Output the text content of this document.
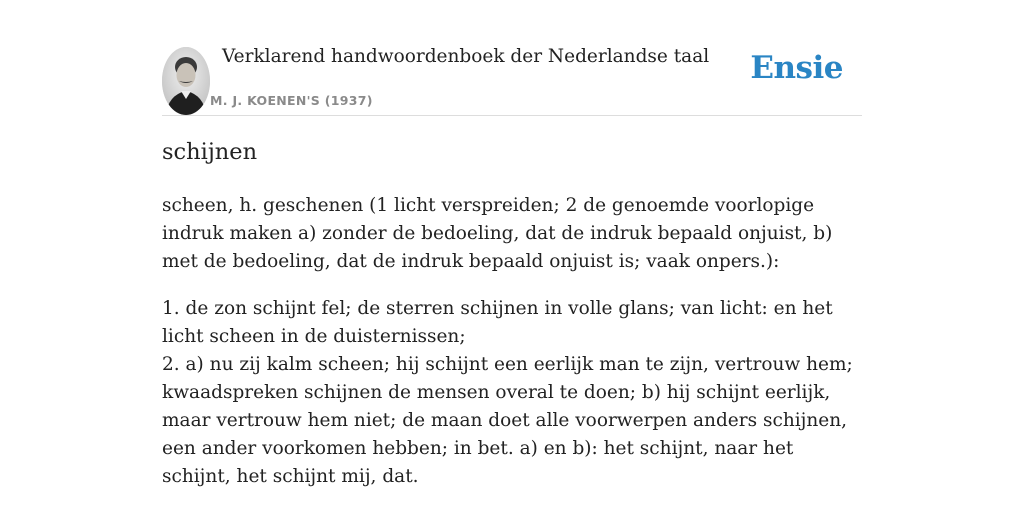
Verklarend handwoordenboek der Nederlandse taal
M. J. KOENEN'S (1937)
Ensie
schijnen

scheen, h. geschenen (1 licht verspreiden; 2 de genoemde voorlopige indruk maken a) zonder de bedoeling, dat de indruk bepaald onjuist, b) met de bedoeling, dat de indruk bepaald onjuist is; vaak onpers.):

1. de zon schijnt fel; de sterren schijnen in volle glans; van licht: en het licht scheen in de duisternissen;

2. a) nu zij kalm scheen; hij schijnt een eerlijk man te zijn, vertrouw hem; kwaadspreken schijnen de mensen overal te doen; b) hij schijnt eerlijk, maar vertrouw hem niet; de maan doet alle voorwerpen anders schijnen, een ander voorkomen hebben; in bet. a) en b): het schijnt, naar het schijnt, het schijnt mij, dat.
